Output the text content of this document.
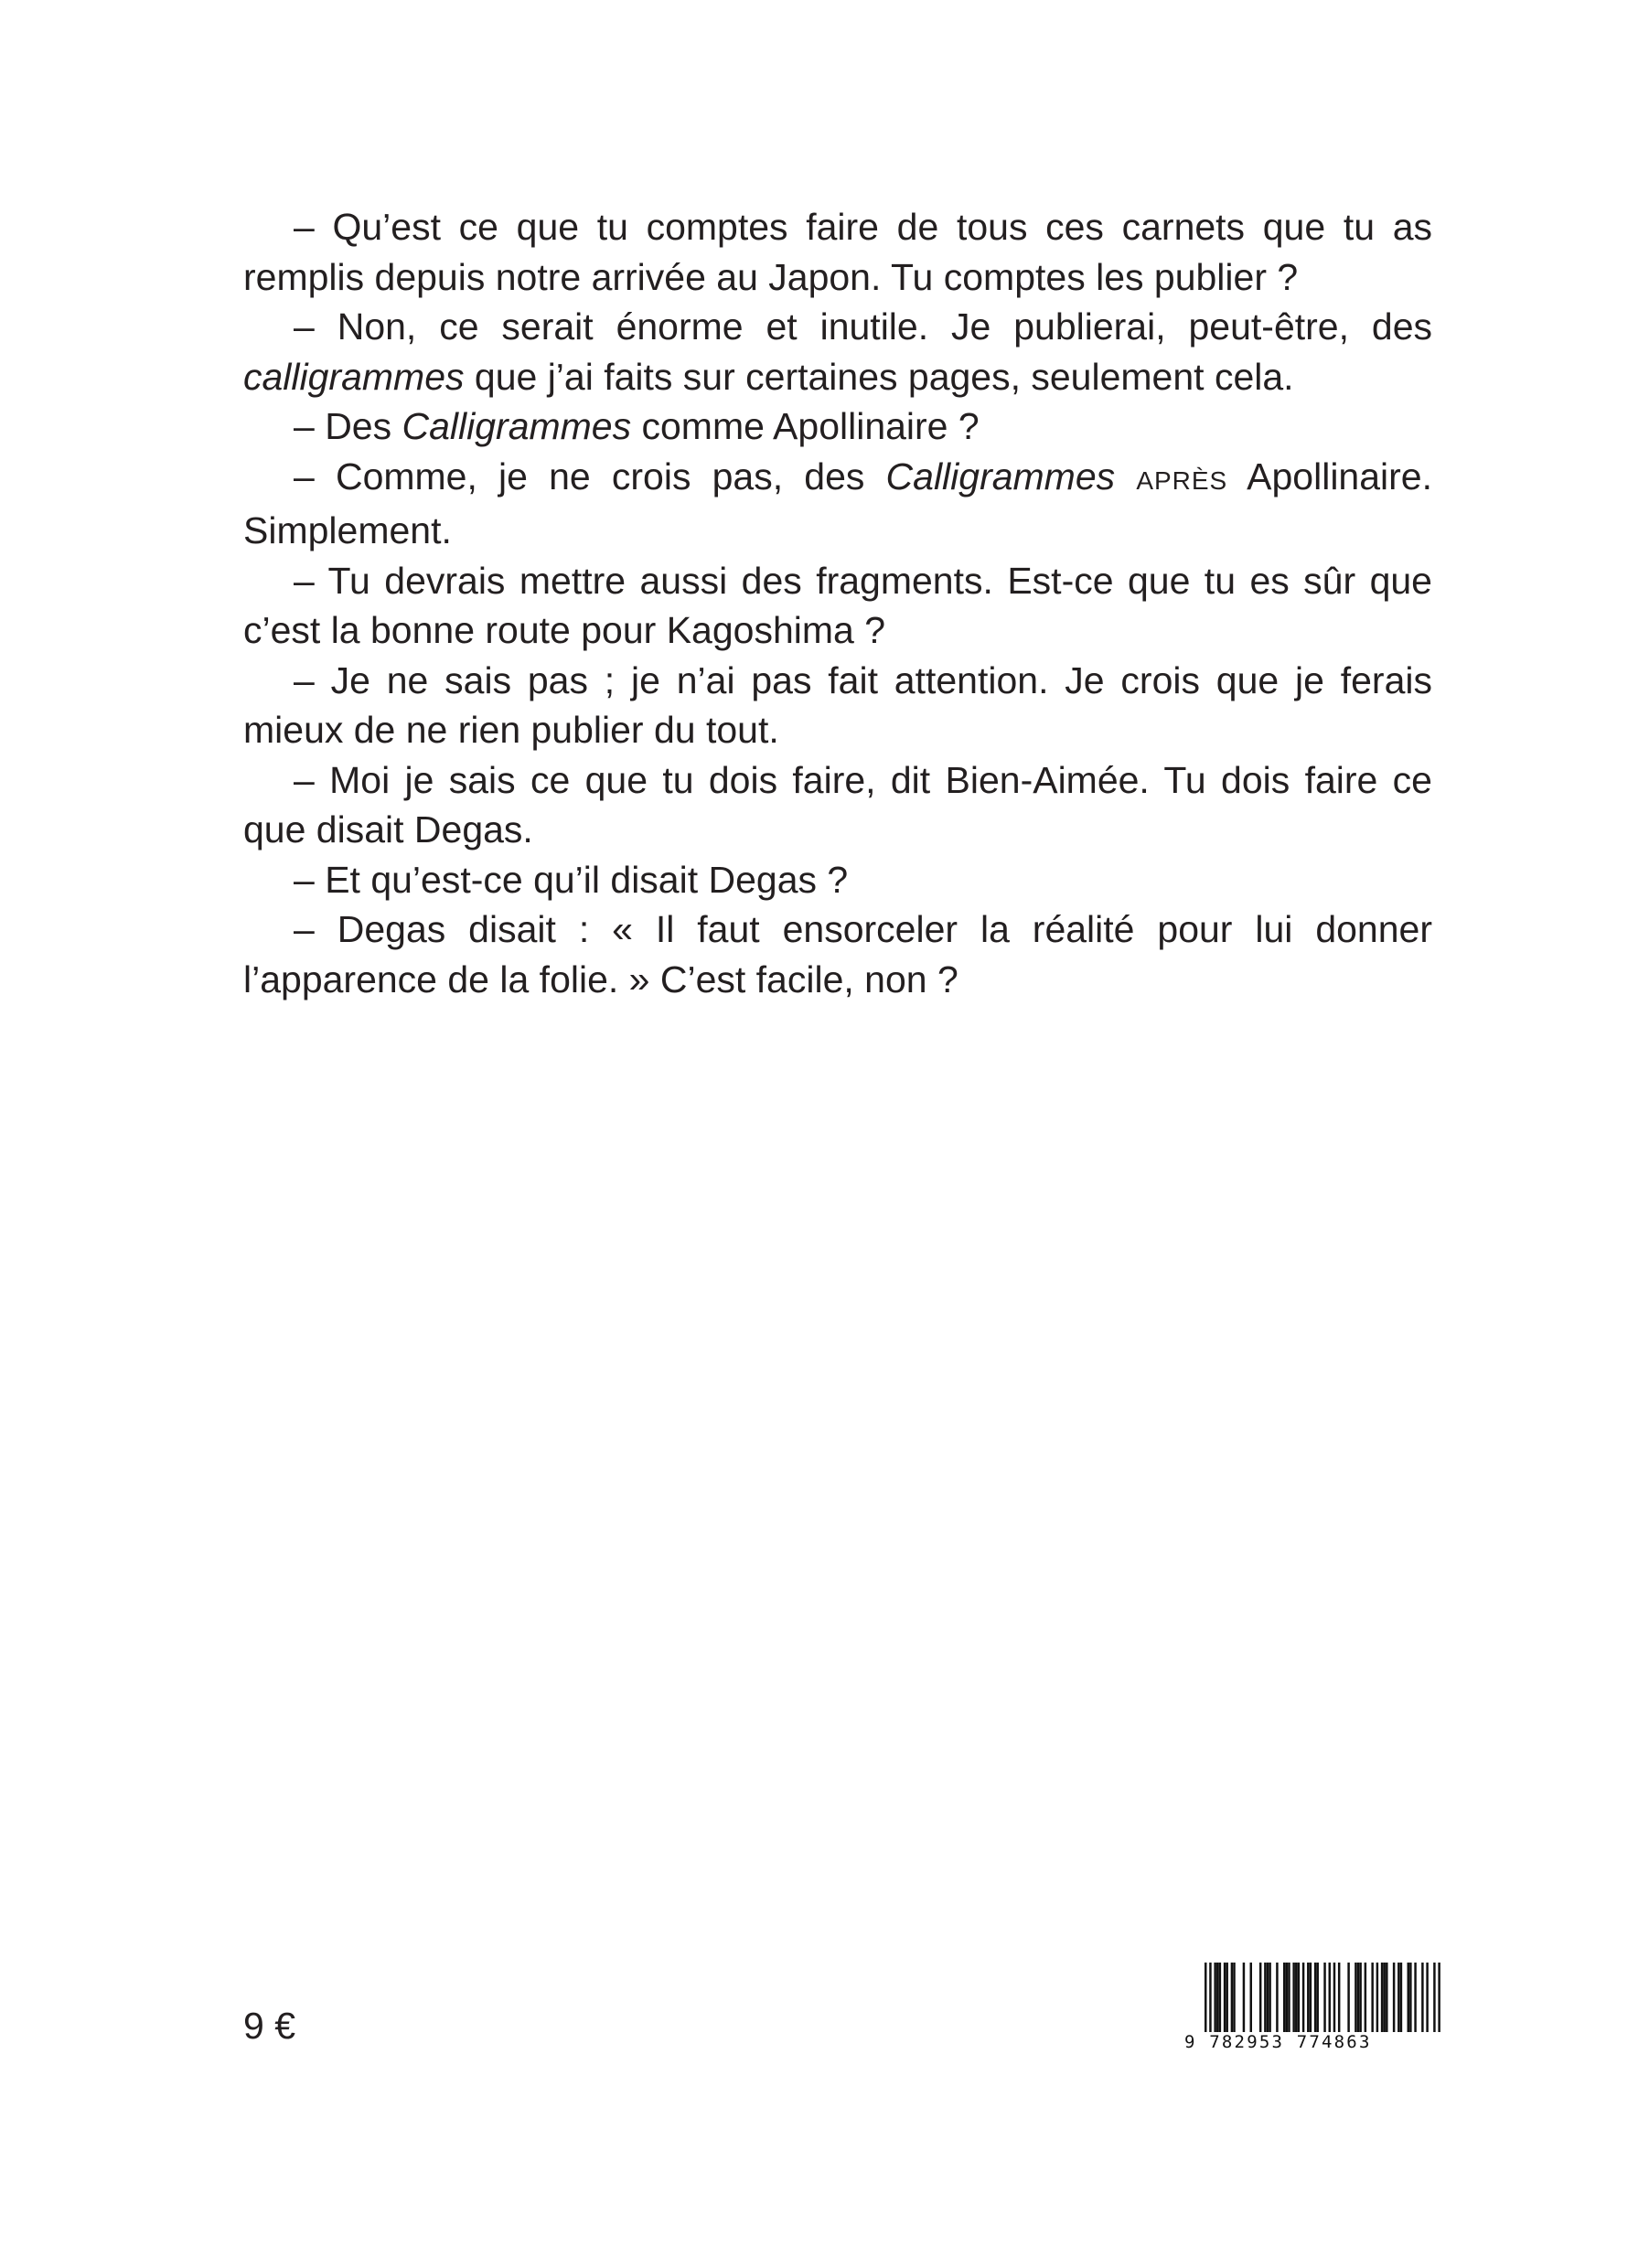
– Qu’est ce que tu comptes faire de tous ces carnets que tu as remplis depuis notre arrivée au Japon. Tu comptes les publier ?

– Non, ce serait énorme et inutile. Je publierai, peut-être, des calligrammes que j’ai faits sur certaines pages, seulement cela.

– Des Calligrammes comme Apollinaire ?

– Comme, je ne crois pas, des Calligrammes APRÈS Apollinaire. Simplement.

– Tu devrais mettre aussi des fragments. Est-ce que tu es sûr que c’est la bonne route pour Kagoshima ?

– Je ne sais pas ; je n’ai pas fait attention. Je crois que je ferais mieux de ne rien publier du tout.

– Moi je sais ce que tu dois faire, dit Bien-Aimée. Tu dois faire ce que disait Degas.

– Et qu’est-ce qu’il disait Degas ?

– Degas disait : « Il faut ensorceler la réalité pour lui donner l’apparence de la folie. » C’est facile, non ?

9 €	9 782953 774863
